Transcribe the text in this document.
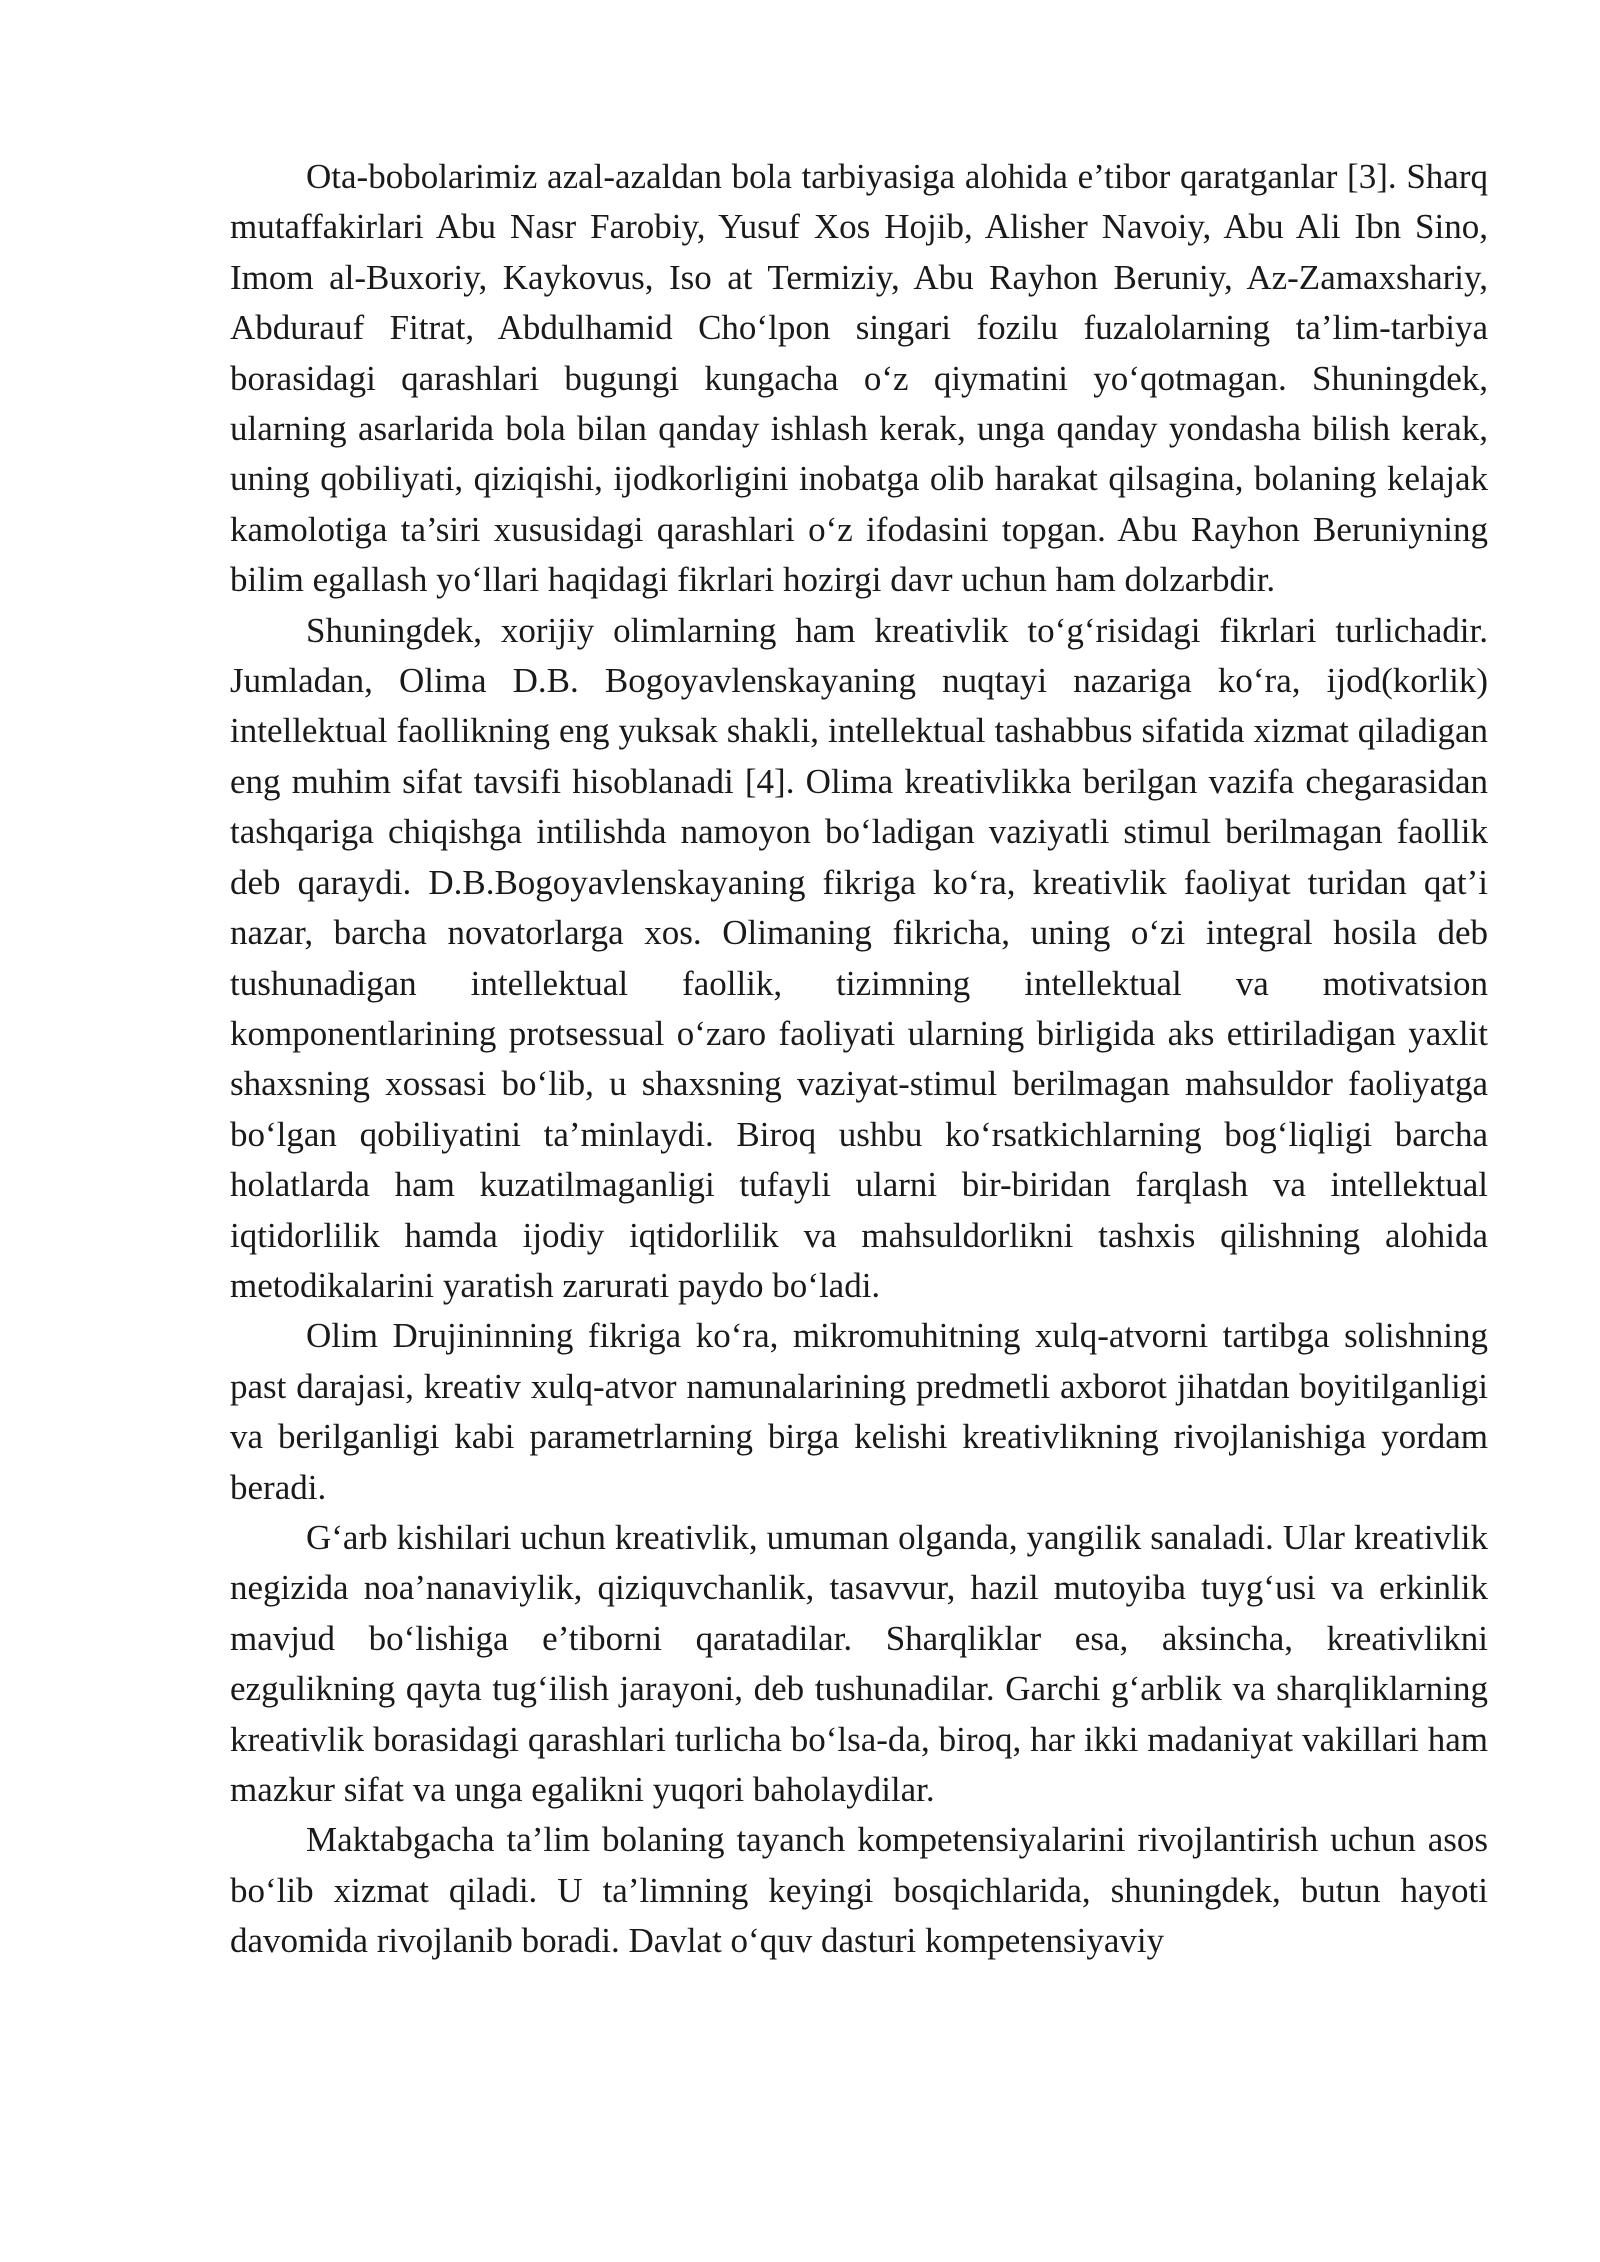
Ota-bobolarimiz azal-azaldan bola tarbiyasiga alohida e’tibor qaratganlar [3]. Sharq mutaffakirlari Abu Nasr Farobiy, Yusuf Xos Hojib, Alisher Navoiy, Abu Ali Ibn Sino, Imom al-Buxoriy, Kaykovus, Iso at Termiziy, Abu Rayhon Beruniy, Az-Zamaxshariy, Abdurauf Fitrat, Abdulhamid Cho‘lpon singari fozilu fuzalolarning ta’lim-tarbiya borasidagi qarashlari bugungi kungacha o‘z qiymatini yo‘qotmagan. Shuningdek, ularning asarlarida bola bilan qanday ishlash kerak, unga qanday yondasha bilish kerak, uning qobiliyati, qiziqishi, ijodkorligini inobatga olib harakat qilsagina, bolaning kelajak kamolotiga ta’siri xususidagi qarashlari o‘z ifodasini topgan. Abu Rayhon Beruniyning bilim egallash yo‘llari haqidagi fikrlari hozirgi davr uchun ham dolzarbdir.

Shuningdek, xorijiy olimlarning ham kreativlik to‘g‘risidagi fikrlari turlichadir. Jumladan, Olima D.B. Bogoyavlenskayaning nuqtayi nazariga ko‘ra, ijod(korlik) intellektual faollikning eng yuksak shakli, intellektual tashabbus sifatida xizmat qiladigan eng muhim sifat tavsifi hisoblanadi [4]. Olima kreativlikka berilgan vazifa chegarasidan tashqariga chiqishga intilishda namoyon bo‘ladigan vaziyatli stimul berilmagan faollik deb qaraydi. D.B.Bogoyavlenskayaning fikriga ko‘ra, kreativlik faoliyat turidan qat’i nazar, barcha novatorlarga xos. Olimaning fikricha, uning o‘zi integral hosila deb tushunadigan intellektual faollik, tizimning intellektual va motivatsion komponentlarining protsessual o‘zaro faoliyati ularning birligida aks ettiriladigan yaxlit shaxsning xossasi bo‘lib, u shaxsning vaziyat-stimul berilmagan mahsuldor faoliyatga bo‘lgan qobiliyatini ta’minlaydi. Biroq ushbu ko‘rsatkichlarning bog‘liqligi barcha holatlarda ham kuzatilmaganligi tufayli ularni bir-biridan farqlash va intellektual iqtidorlilik hamda ijodiy iqtidorlilik va mahsuldorlikni tashxis qilishning alohida metodikalarini yaratish zarurati paydo bo‘ladi.

Olim Drujininning fikriga ko‘ra, mikromuhitning xulq-atvorni tartibga solishning past darajasi, kreativ xulq-atvor namunalarining predmetli axborot jihatdan boyitilganligi va berilganligi kabi parametrlarning birga kelishi kreativlikning rivojlanishiga yordam beradi.

G‘arb kishilari uchun kreativlik, umuman olganda, yangilik sanaladi. Ular kreativlik negizida noa’nanaviylik, qiziquvchanlik, tasavvur, hazil mutoyiba tuyg‘usi va erkinlik mavjud bo‘lishiga e’tiborni qaratadilar. Sharqliklar esa, aksincha, kreativlikni ezgulikning qayta tug‘ilish jarayoni, deb tushunadilar. Garchi g‘arblik va sharqliklarning kreativlik borasidagi qarashlari turlicha bo‘lsa-da, biroq, har ikki madaniyat vakillari ham mazkur sifat va unga egalikni yuqori baholaydilar.

Maktabgacha ta’lim bolaning tayanch kompetensiyalarini rivojlantirish uchun asos bo‘lib xizmat qiladi. U ta’limning keyingi bosqichlarida, shuningdek, butun hayoti davomida rivojlanib boradi. Davlat o‘quv dasturi kompetensiyaviy
